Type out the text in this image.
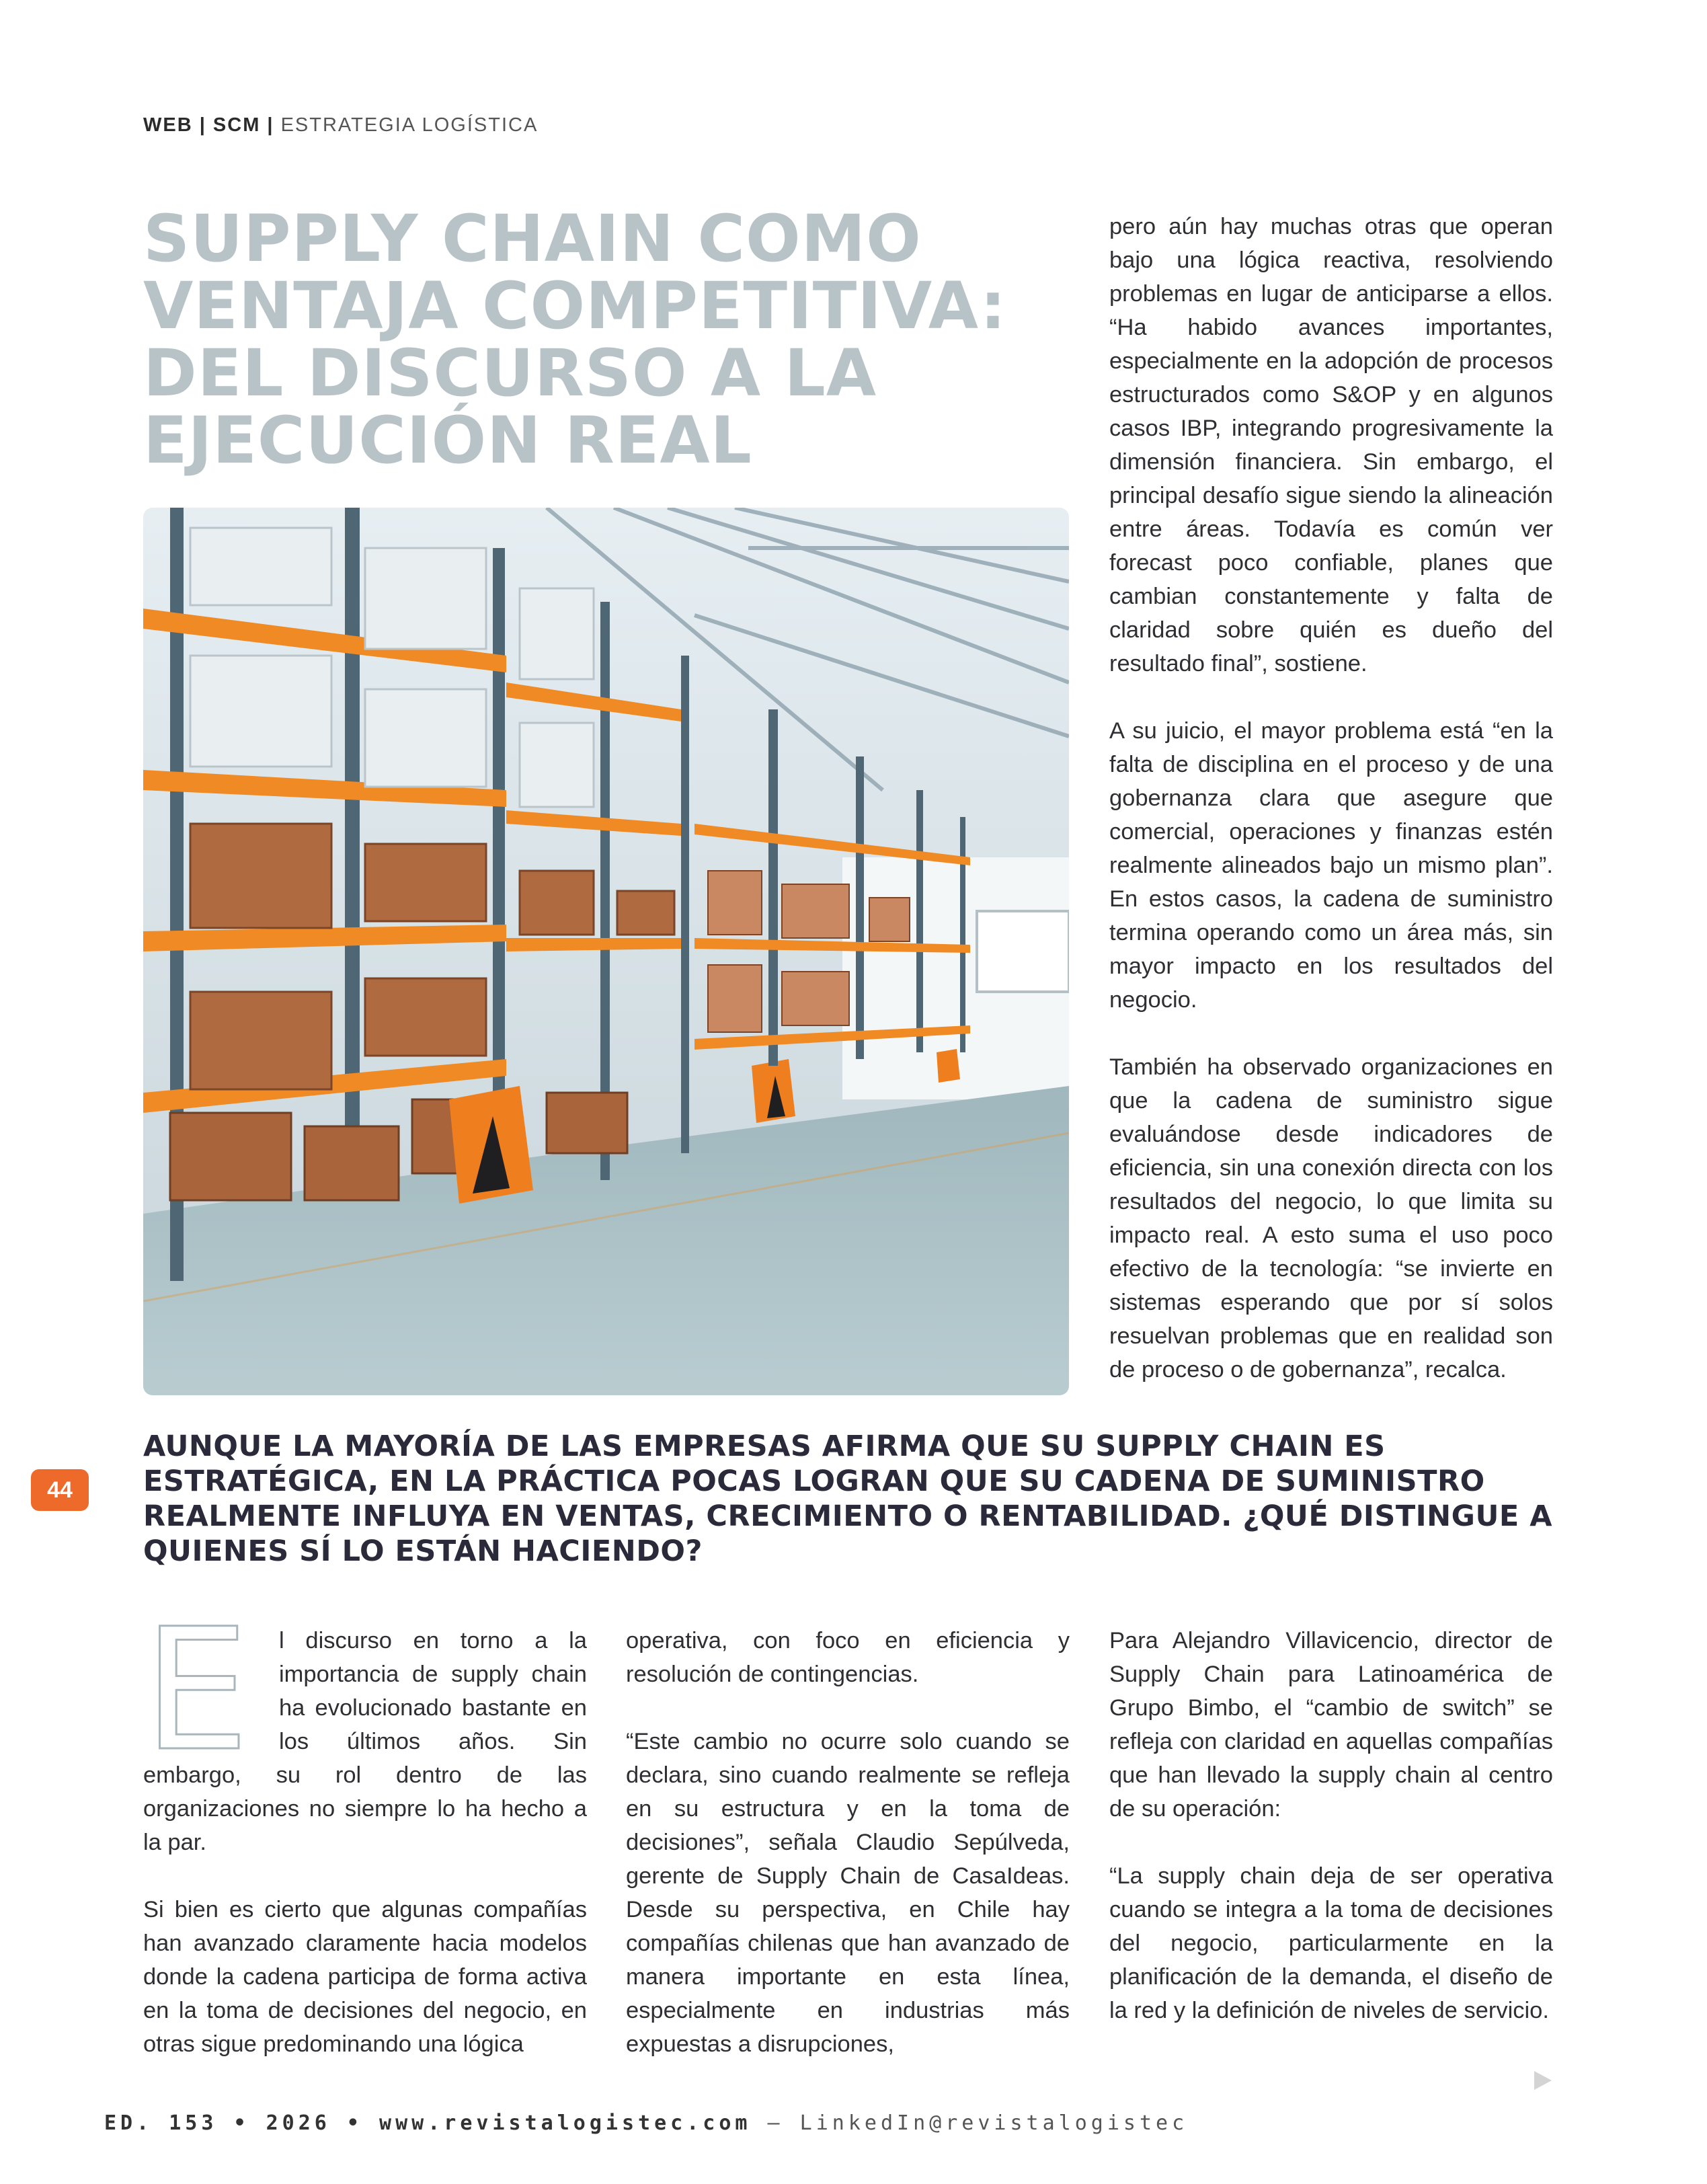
WEB | SCM | ESTRATEGIA LOGÍSTICA
SUPPLY CHAIN COMO
VENTAJA COMPETITIVA:
DEL DISCURSO A LA
EJECUCIÓN REAL

pero aún hay muchas otras que operan bajo una lógica reactiva, resolviendo problemas en lugar de anticiparse a ellos. “Ha habido avances importantes, especialmente en la adopción de procesos estructurados como S&OP y en algunos casos IBP, integrando progresivamente la dimensión financiera. Sin embargo, el principal desafío sigue siendo la alineación entre áreas. Todavía es común ver forecast poco confiable, planes que cambian constantemente y falta de claridad sobre quién es dueño del resultado final”, sostiene.

A su juicio, el mayor problema está “en la falta de disciplina en el proceso y de una gobernanza clara que asegure que comercial, operaciones y finanzas estén realmente alineados bajo un mismo plan”. En estos casos, la cadena de suministro termina operando como un área más, sin mayor impacto en los resultados del negocio.

También ha observado organizaciones en que la cadena de suministro sigue evaluándose desde indicadores de eficiencia, sin una conexión directa con los resultados del negocio, lo que limita su impacto real. A esto suma el uso poco efectivo de la tecnología: “se invierte en sistemas esperando que por sí solos resuelvan problemas que en realidad son de proceso o de gobernanza”, recalca.

44
AUNQUE LA MAYORÍA DE LAS EMPRESAS AFIRMA QUE SU SUPPLY CHAIN ES
ESTRATÉGICA, EN LA PRÁCTICA POCAS LOGRAN QUE SU CADENA DE SUMINISTRO
REALMENTE INFLUYA EN VENTAS, CRECIMIENTO O RENTABILIDAD. ¿QUÉ DISTINGUE A
QUIENES SÍ LO ESTÁN HACIENDO?

E	l discurso en torno a la importancia de supply chain ha evolucionado bastante en los últimos años. Sin embargo, su rol dentro de las organizaciones no siempre lo ha hecho a la par.

Si bien es cierto que algunas compañías han avanzado claramente hacia modelos donde la cadena participa de forma activa en la toma de decisiones del negocio, en otras sigue predominando una lógica

operativa, con foco en eficiencia y resolución de contingencias.

“Este cambio no ocurre solo cuando se declara, sino cuando realmente se refleja en su estructura y en la toma de decisiones”, señala Claudio Sepúlveda, gerente de Supply Chain de CasaIdeas. Desde su perspectiva, en Chile hay compañías chilenas que han avanzado de manera importante en esta línea, especialmente en industrias más expuestas a disrupciones,

Para Alejandro Villavicencio, director de Supply Chain para Latinoamérica de Grupo Bimbo, el “cambio de switch” se refleja con claridad en aquellas compañías que han llevado la supply chain al centro de su operación:

“La supply chain deja de ser operativa cuando se integra a la toma de decisiones del negocio, particularmente en la planificación de la demanda, el diseño de la red y la definición de niveles de servicio.

ED. 153 • 2026 • www.revistalogistec.com – LinkedIn@revistalogistec
